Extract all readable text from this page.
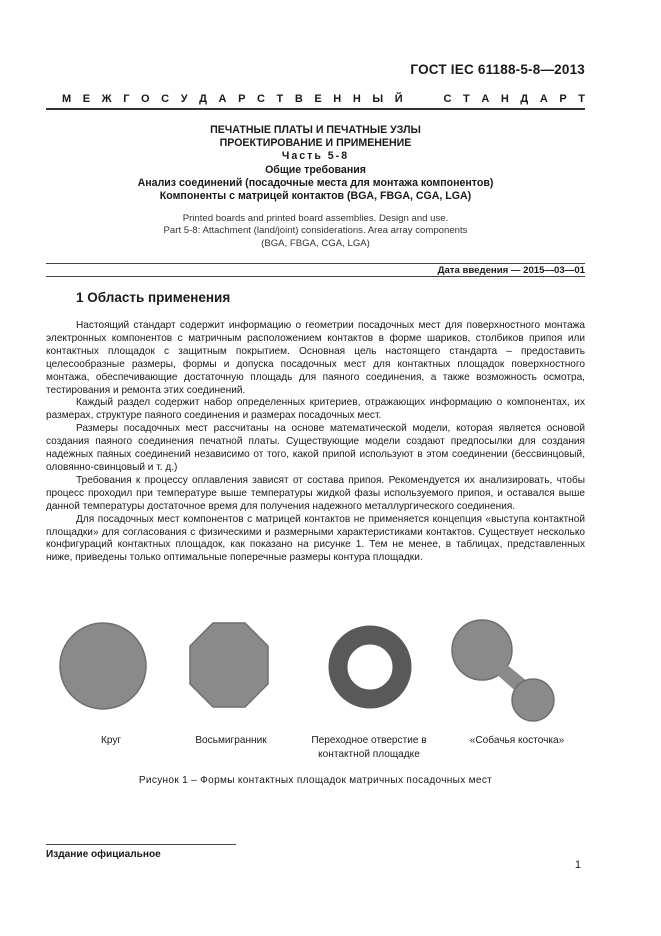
ГОСТ IEC 61188-5-8—2013
М Е Ж Г О С У Д А Р С Т В Е Н Н Ы Й

	С Т А Н Д А Р Т
ПЕЧАТНЫЕ ПЛАТЫ И ПЕЧАТНЫЕ УЗЛЫ
ПРОЕКТИРОВАНИЕ И ПРИМЕНЕНИЕ
Часть 5-8
Общие требования
Анализ соединений (посадочные места для монтажа компонентов)
Компоненты с матрицей контактов (BGA, FBGA, CGA, LGA)
Printed boards and printed board assemblies. Design and use.
Part 5-8: Attachment (land/joint) considerations. Area array components
(BGA, FBGA, CGA, LGA)
Дата введения — 2015—03—01
1 Область применения

Настоящий стандарт содержит информацию о геометрии посадочных мест для поверхностного монтажа электронных компонентов с матричным расположением контактов в форме шариков, столбиков припоя или контактных площадок с защитным покрытием. Основная цель настоящего стандарта – предоставить целесообразные размеры, формы и допуска посадочных мест для контактных площадок поверхностного монтажа, обеспечивающие достаточную площадь для паяного соединения, а также возможность осмотра, тестирования и ремонта этих соединений.

Каждый раздел содержит набор определенных критериев, отражающих информацию о компонентах, их размерах, структуре паяного соединения и размерах посадочных мест.

Размеры посадочных мест рассчитаны на основе математической модели, которая является основой создания паяного соединения печатной платы. Существующие модели создают предпосылки для создания надежных паяных соединений независимо от того, какой припой используют в этом соединении (бессвинцовый, оловянно-свинцовый и т. д.)

Требования к процессу оплавления зависят от состава припоя. Рекомендуется их анализировать, чтобы процесс проходил при температуре выше температуры жидкой фазы используемого припоя, и оставался выше данной температуры достаточное время для получения надежного металлургического соединения.

Для посадочных мест компонентов с матрицей контактов не применяется концепция «выступа контактной площадки» для согласования с физическими и размерными характеристиками контактов. Существует несколько конфигураций контактных площадок, как показано на рисунке 1. Тем не менее, в таблицах, представленных ниже, приведены только оптимальные поперечные размеры контура площадки.

Круг	Восьмигранник	Переходное отверстие в
контактной площадке
«Собачья косточка»
Рисунок 1 – Формы контактных площадок матричных посадочных мест
Издание официальное
1
